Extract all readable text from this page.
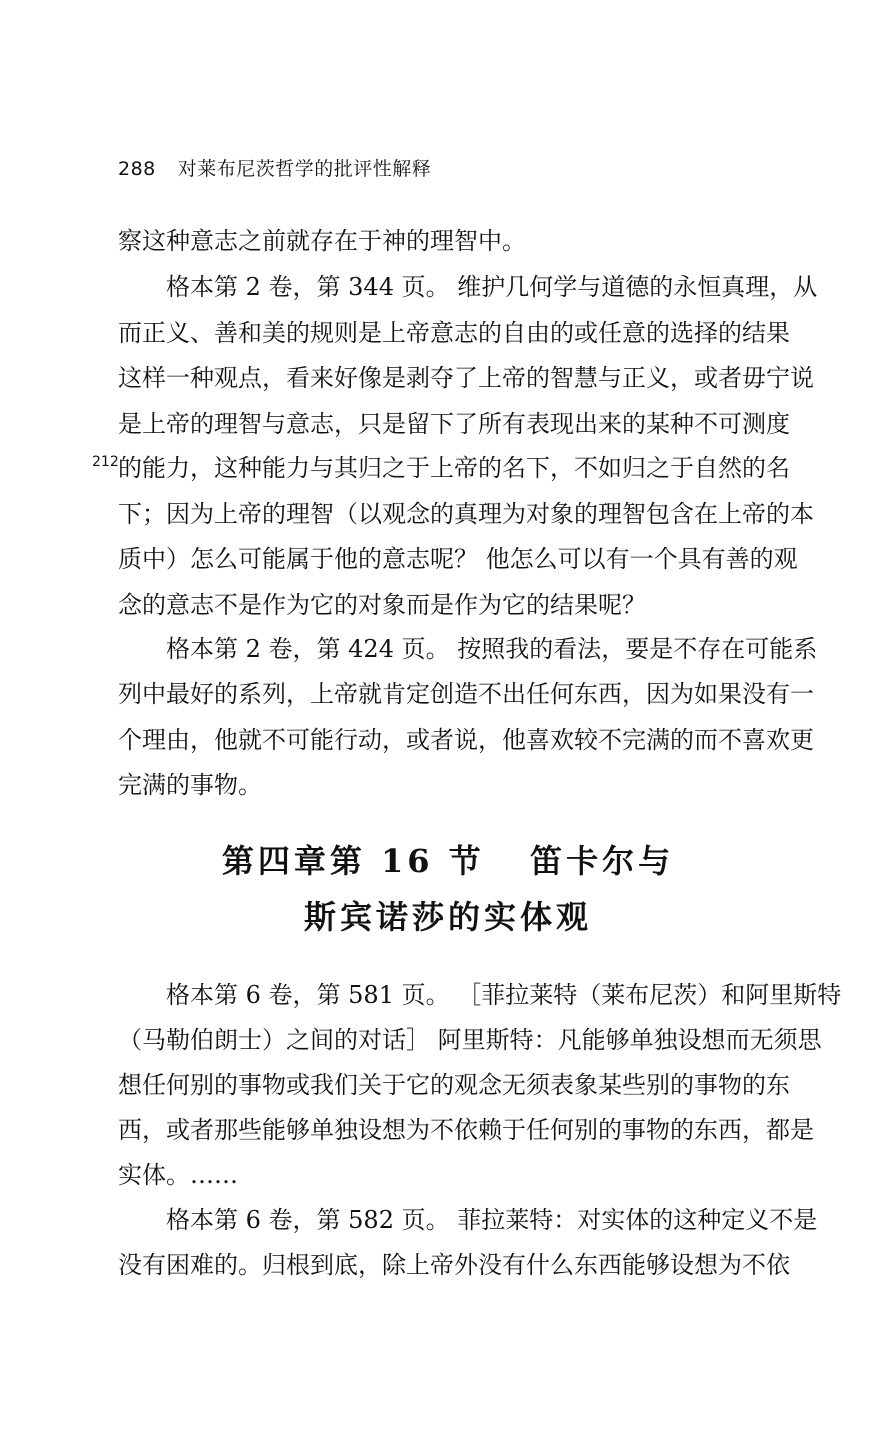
288 对莱布尼茨哲学的批评性解释
212
察这种意志之前就存在于神的理智中。
格本第 2 卷，第 344 页。 维护几何学与道德的永恒真理，从
而正义、善和美的规则是上帝意志的自由的或任意的选择的结果
这样一种观点，看来好像是剥夺了上帝的智慧与正义，或者毋宁说
是上帝的理智与意志，只是留下了所有表现出来的某种不可测度
的能力，这种能力与其归之于上帝的名下，不如归之于自然的名
下；因为上帝的理智（以观念的真理为对象的理智包含在上帝的本
质中）怎么可能属于他的意志呢？ 他怎么可以有一个具有善的观
念的意志不是作为它的对象而是作为它的结果呢？
格本第 2 卷，第 424 页。 按照我的看法，要是不存在可能系
列中最好的系列，上帝就肯定创造不出任何东西，因为如果没有一
个理由，他就不可能行动，或者说，他喜欢较不完满的而不喜欢更
完满的事物。
第四章第 16 节   笛卡尔与
斯宾诺莎的实体观
格本第 6 卷，第 581 页。 ［菲拉莱特（莱布尼茨）和阿里斯特
（马勒伯朗士）之间的对话］ 阿里斯特：凡能够单独设想而无须思
想任何别的事物或我们关于它的观念无须表象某些别的事物的东
西，或者那些能够单独设想为不依赖于任何别的事物的东西，都是
实体。……
格本第 6 卷，第 582 页。 菲拉莱特：对实体的这种定义不是
没有困难的。归根到底，除上帝外没有什么东西能够设想为不依
